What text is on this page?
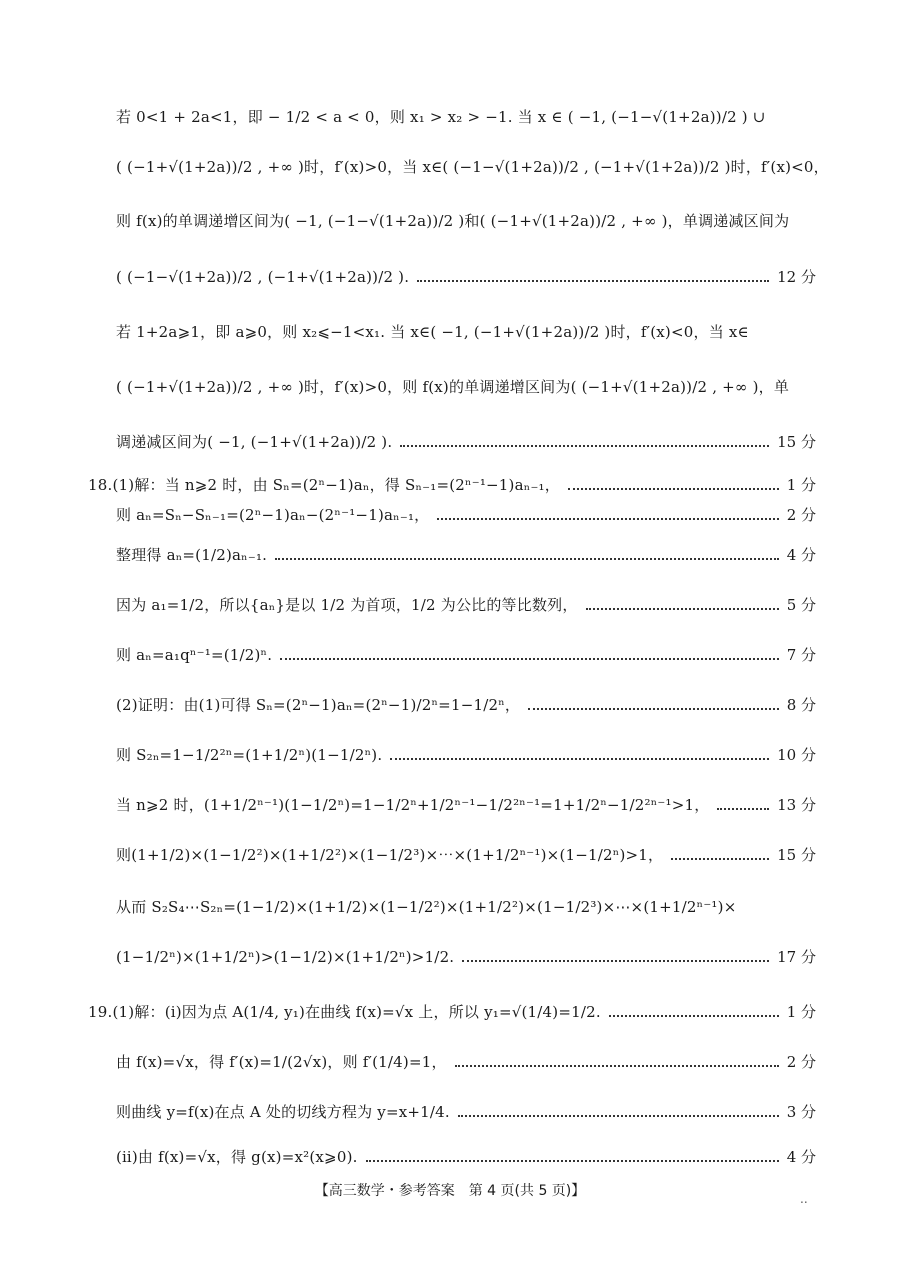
若 0<1 + 2a<1，即 − 1/2 < a < 0，则 x₁ > x₂ > −1. 当 x ∈ ( −1, (−1−√(1+2a))/2 ) ∪
( (−1+√(1+2a))/2 , +∞ )时，f′(x)>0，当 x∈( (−1−√(1+2a))/2 , (−1+√(1+2a))/2 )时，f′(x)<0，
则 f(x)的单调递增区间为( −1, (−1−√(1+2a))/2 )和( (−1+√(1+2a))/2 , +∞ )，单调递减区间为
( (−1−√(1+2a))/2 , (−1+√(1+2a))/2 ).	12 分
若 1+2a⩾1，即 a⩾0，则 x₂⩽−1<x₁. 当 x∈( −1, (−1+√(1+2a))/2 )时，f′(x)<0，当 x∈
( (−1+√(1+2a))/2 , +∞ )时，f′(x)>0，则 f(x)的单调递增区间为( (−1+√(1+2a))/2 , +∞ )，单
调递减区间为( −1, (−1+√(1+2a))/2 ).	15 分
18.(1)解：当 n⩾2 时，由 Sₙ=(2ⁿ−1)aₙ，得 Sₙ₋₁=(2ⁿ⁻¹−1)aₙ₋₁，	1 分
则 aₙ=Sₙ−Sₙ₋₁=(2ⁿ−1)aₙ−(2ⁿ⁻¹−1)aₙ₋₁，	2 分
整理得 aₙ=(1/2)aₙ₋₁.	4 分
因为 a₁=1/2，所以{aₙ}是以 1/2 为首项，1/2 为公比的等比数列，	5 分
则 aₙ=a₁qⁿ⁻¹=(1/2)ⁿ.	7 分
(2)证明：由(1)可得 Sₙ=(2ⁿ−1)aₙ=(2ⁿ−1)/2ⁿ=1−1/2ⁿ，	8 分
则 S₂ₙ=1−1/2²ⁿ=(1+1/2ⁿ)(1−1/2ⁿ).	10 分
当 n⩾2 时，(1+1/2ⁿ⁻¹)(1−1/2ⁿ)=1−1/2ⁿ+1/2ⁿ⁻¹−1/2²ⁿ⁻¹=1+1/2ⁿ−1/2²ⁿ⁻¹>1，	13 分
则(1+1/2)×(1−1/2²)×(1+1/2²)×(1−1/2³)×⋯×(1+1/2ⁿ⁻¹)×(1−1/2ⁿ)>1，	15 分
从而 S₂S₄⋯S₂ₙ=(1−1/2)×(1+1/2)×(1−1/2²)×(1+1/2²)×(1−1/2³)×⋯×(1+1/2ⁿ⁻¹)×
(1−1/2ⁿ)×(1+1/2ⁿ)>(1−1/2)×(1+1/2ⁿ)>1/2.	17 分
19.(1)解：(ⅰ)因为点 A(1/4, y₁)在曲线 f(x)=√x 上，所以 y₁=√(1/4)=1/2.	1 分
由 f(x)=√x，得 f′(x)=1/(2√x)，则 f′(1/4)=1，	2 分
则曲线 y=f(x)在点 A 处的切线方程为 y=x+1/4.	3 分
(ⅱ)由 f(x)=√x，得 g(x)=x²(x⩾0).	4 分
【高三数学・参考答案　第 4 页(共 5 页)】	..
